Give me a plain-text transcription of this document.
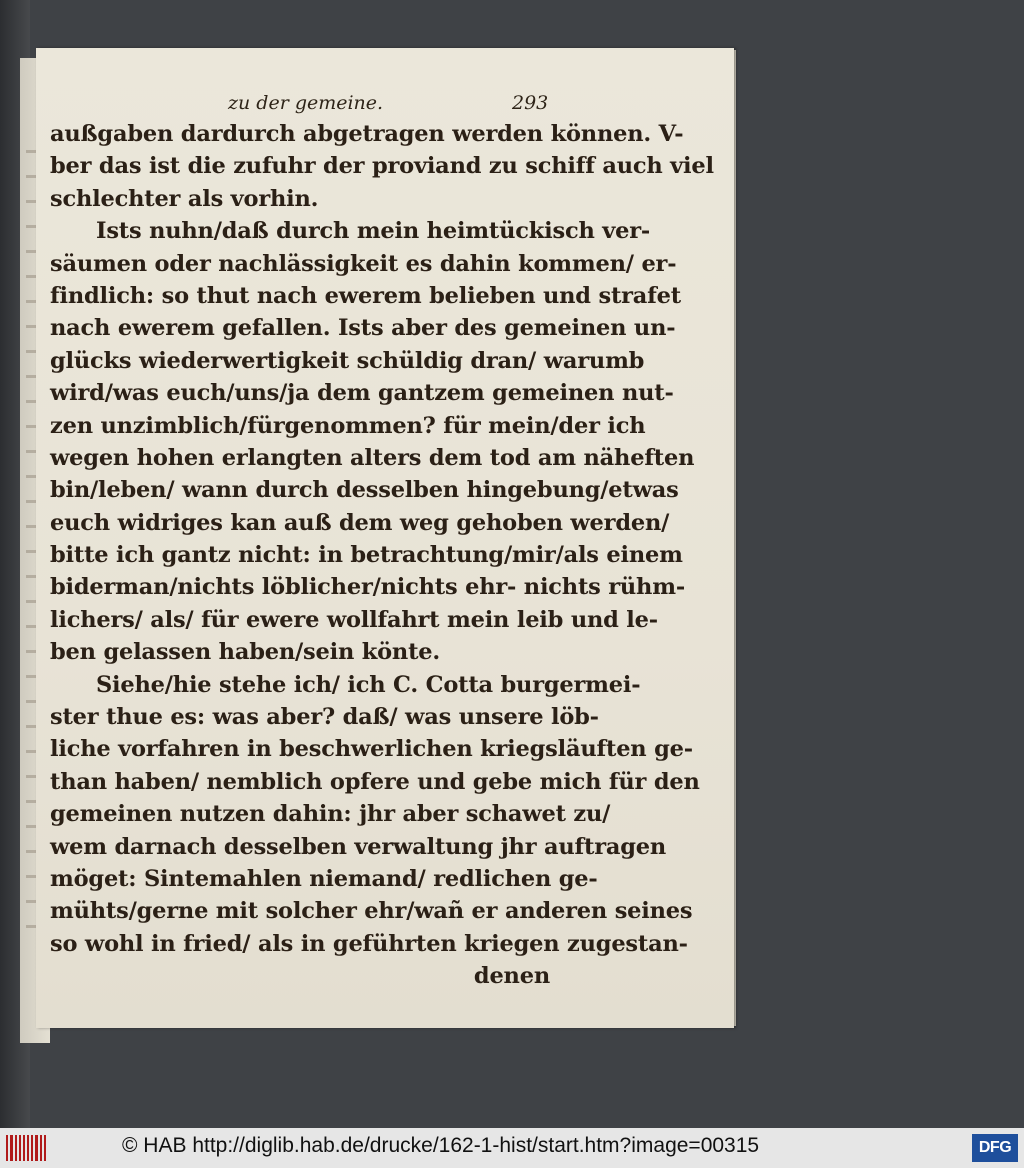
zu der gemeine.	293
außgaben dardurch abgetragen werden können. V-
ber das ist die zufuhr der proviand zu schiff auch viel
schlechter als vorhin.
Ists nuhn/daß durch mein heimtückisch ver-
säumen oder nachlässigkeit es dahin kommen/ er-
findlich: so thut nach ewerem belieben und strafet
nach ewerem gefallen. Ists aber des gemeinen un-
glücks wiederwertigkeit schüldig dran/ warumb
wird/was euch/uns/ja dem gantzem gemeinen nut-
zen unzimblich/fürgenommen? für mein/der ich
wegen hohen erlangten alters dem tod am näheften
bin/leben/ wann durch desselben hingebung/etwas
euch widriges kan auß dem weg gehoben werden/
bitte ich gantz nicht: in betrachtung/mir/als einem
biderman/nichts löblicher/nichts ehr- nichts rühm-
lichers/ als/ für ewere wollfahrt mein leib und le-
ben gelassen haben/sein könte.
Siehe/hie stehe ich/ ich C. Cotta burgermei-
ster thue es: was aber? daß/ was unsere löb-
liche vorfahren in beschwerlichen kriegsläuften ge-
than haben/ nemblich opfere und gebe mich für den
gemeinen nutzen dahin: jhr aber schawet zu/
wem darnach desselben verwaltung jhr auftragen
möget: Sintemahlen niemand/ redlichen ge-
mühts/gerne mit solcher ehr/wañ er anderen seines
so wohl in fried/ als in geführten kriegen zugestan-
denen
© HAB http://diglib.hab.de/drucke/162-1-hist/start.htm?image=00315	DFG
